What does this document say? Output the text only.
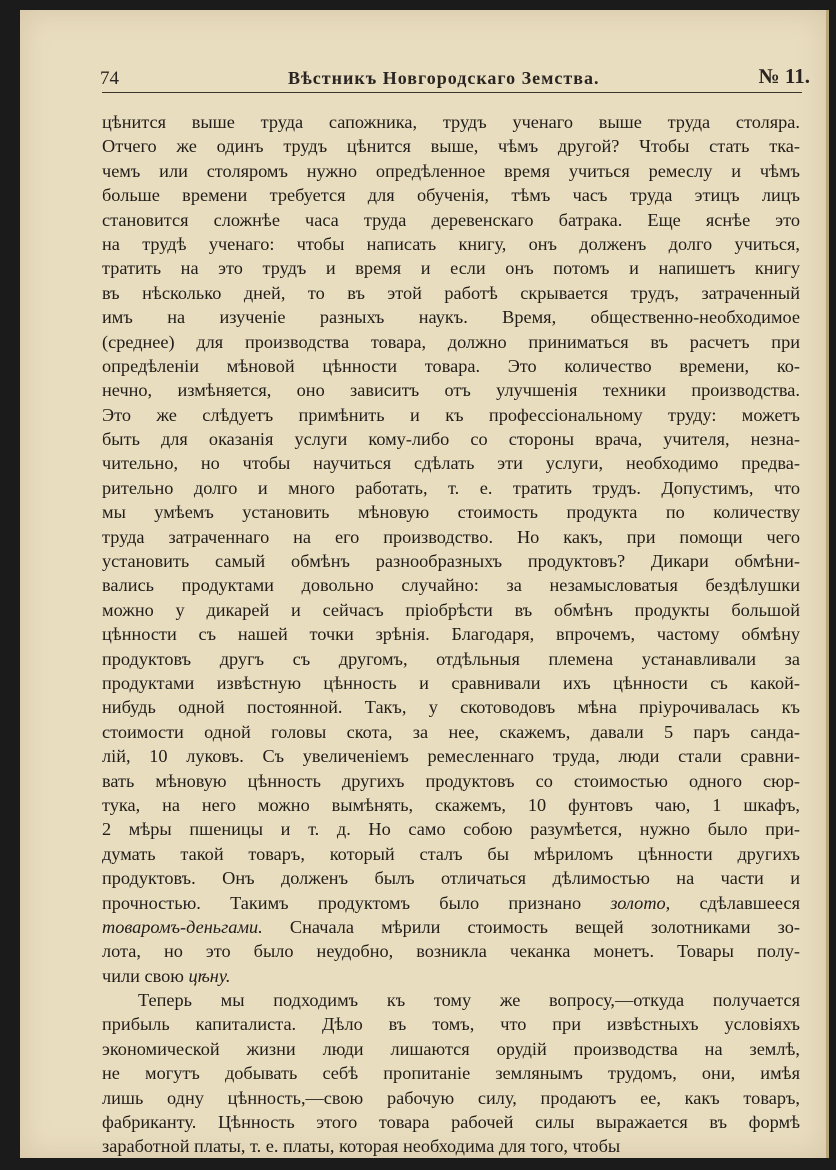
74	Вѣстникъ Новгородскаго Земства.	№ 11.
цѣнится выше труда сапожника, трудъ ученаго выше труда столяра.
Отчего же одинъ трудъ цѣнится выше, чѣмъ другой? Чтобы стать тка-
чемъ или столяромъ нужно опредѣленное время учиться ремеслу и чѣмъ
больше времени требуется для обученія, тѣмъ часъ труда этицъ лицъ
становится сложнѣе часа труда деревенскаго батрака. Еще яснѣе это
на трудѣ ученаго: чтобы написать книгу, онъ долженъ долго учиться,
тратить на это трудъ и время и если онъ потомъ и напишетъ книгу
въ нѣсколько дней, то въ этой работѣ скрывается трудъ, затраченный
имъ на изученіе разныхъ наукъ. Время, общественно-необходимое
(среднее) для производства товара, должно приниматься въ расчетъ при
опредѣленіи мѣновой цѣнности товара. Это количество времени, ко-
нечно, измѣняется, оно зависитъ отъ улучшенія техники производства.
Это же слѣдуетъ примѣнить и къ профессіональному труду: можетъ
быть для оказанія услуги кому-либо со стороны врача, учителя, незна-
чительно, но чтобы научиться сдѣлать эти услуги, необходимо предва-
рительно долго и много работать, т. е. тратить трудъ. Допустимъ, что
мы умѣемъ установить мѣновую стоимость продукта по количеству
труда затраченнаго на его производство. Но какъ, при помощи чего
установить самый обмѣнъ разнообразныхъ продуктовъ? Дикари обмѣни-
вались продуктами довольно случайно: за незамысловатыя бездѣлушки
можно у дикарей и сейчасъ пріобрѣсти въ обмѣнъ продукты большой
цѣнности съ нашей точки зрѣнія. Благодаря, впрочемъ, частому обмѣну
продуктовъ другъ съ другомъ, отдѣльныя племена устанавливали за
продуктами извѣстную цѣнность и сравнивали ихъ цѣнности съ какой-
нибудь одной постоянной. Такъ, у скотоводовъ мѣна пріурочивалась къ
стоимости одной головы скота, за нее, скажемъ, давали 5 паръ санда-
лій, 10 луковъ. Съ увеличеніемъ ремесленнаго труда, люди стали сравни-
вать мѣновую цѣнность другихъ продуктовъ со стоимостью одного сюр-
тука, на него можно вымѣнять, скажемъ, 10 фунтовъ чаю, 1 шкафъ,
2 мѣры пшеницы и т. д. Но само собою разумѣется, нужно было при-
думать такой товаръ, который сталъ бы мѣриломъ цѣнности другихъ
продуктовъ. Онъ долженъ былъ отличаться дѣлимостью на части и
прочностью. Такимъ продуктомъ было признано золото, сдѣлавшееся
товаромъ-деньгами. Сначала мѣрили стоимость вещей золотниками зо-
лота, но это было неудобно, возникла чеканка монетъ. Товары полу-
чили свою цѣну.
Теперь мы подходимъ къ тому же вопросу,—откуда получается
прибыль капиталиста. Дѣло въ томъ, что при извѣстныхъ условіяхъ
экономической жизни люди лишаются орудій производства на землѣ,
не могутъ добывать себѣ пропитаніе землянымъ трудомъ, они, имѣя
лишь одну цѣнность,—свою рабочую силу, продаютъ ее, какъ товаръ,
фабриканту. Цѣнность этого товара рабочей силы выражается въ формѣ
заработной платы, т. е. платы, которая необходима для того, чтобы
